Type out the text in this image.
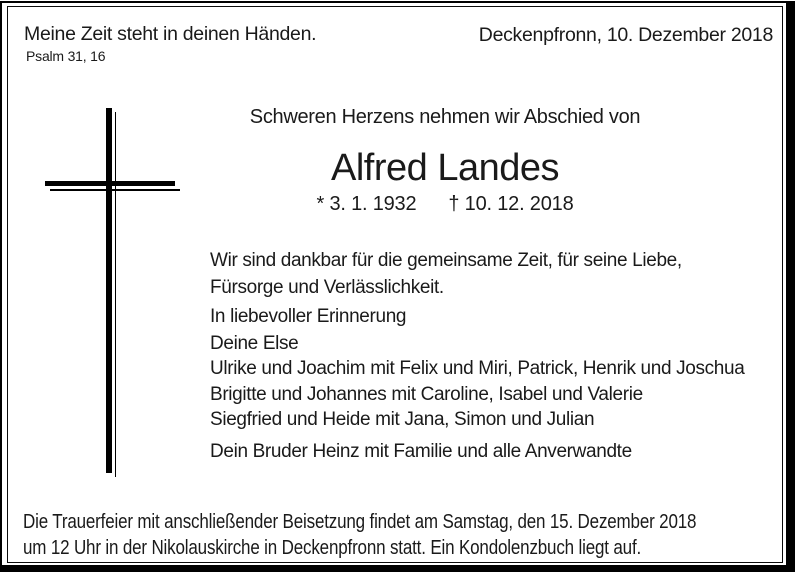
Meine Zeit steht in deinen Händen.
Psalm 31, 16
Deckenpfronn, 10. Dezember 2018
Schweren Herzens nehmen wir Abschied von
Alfred Landes
* 3. 1. 1932 † 10. 12. 2018
Wir sind dankbar für die gemeinsame Zeit, für seine Liebe,
Fürsorge und Verlässlichkeit.
In liebevoller Erinnerung
Deine Else
Ulrike und Joachim mit Felix und Miri, Patrick, Henrik und Joschua
Brigitte und Johannes mit Caroline, Isabel und Valerie
Siegfried und Heide mit Jana, Simon und Julian
Dein Bruder Heinz mit Familie und alle Anverwandte
Die Trauerfeier mit anschließender Beisetzung findet am Samstag, den 15. Dezember 2018
um 12 Uhr in der Nikolauskirche in Deckenpfronn statt. Ein Kondolenzbuch liegt auf.
